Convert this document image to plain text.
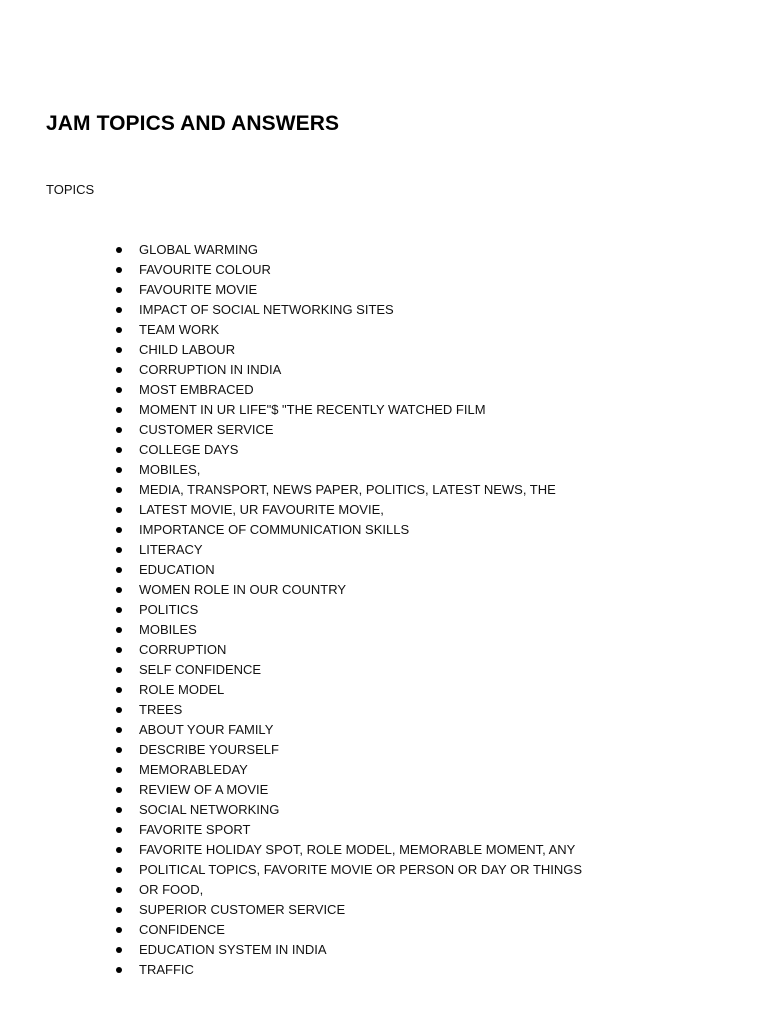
JAM TOPICS AND ANSWERS

TOPICS

GLOBAL WARMING
FAVOURITE COLOUR
FAVOURITE MOVIE
IMPACT OF SOCIAL NETWORKING SITES
TEAM WORK
CHILD LABOUR
CORRUPTION IN INDIA
MOST EMBRACED
MOMENT IN UR LIFE"$ "THE RECENTLY WATCHED FILM
CUSTOMER SERVICE
COLLEGE DAYS
MOBILES,
MEDIA, TRANSPORT, NEWS PAPER, POLITICS, LATEST NEWS, THE
LATEST MOVIE, UR FAVOURITE MOVIE,
IMPORTANCE OF COMMUNICATION SKILLS
LITERACY
EDUCATION
WOMEN ROLE IN OUR COUNTRY
POLITICS
MOBILES
CORRUPTION
SELF CONFIDENCE
ROLE MODEL
TREES
ABOUT YOUR FAMILY
DESCRIBE YOURSELF
MEMORABLEDAY
REVIEW OF A MOVIE
SOCIAL NETWORKING
FAVORITE SPORT
FAVORITE HOLIDAY SPOT, ROLE MODEL, MEMORABLE MOMENT, ANY
POLITICAL TOPICS, FAVORITE MOVIE OR PERSON OR DAY OR THINGS
OR FOOD,
SUPERIOR CUSTOMER SERVICE
CONFIDENCE
EDUCATION SYSTEM IN INDIA
TRAFFIC
